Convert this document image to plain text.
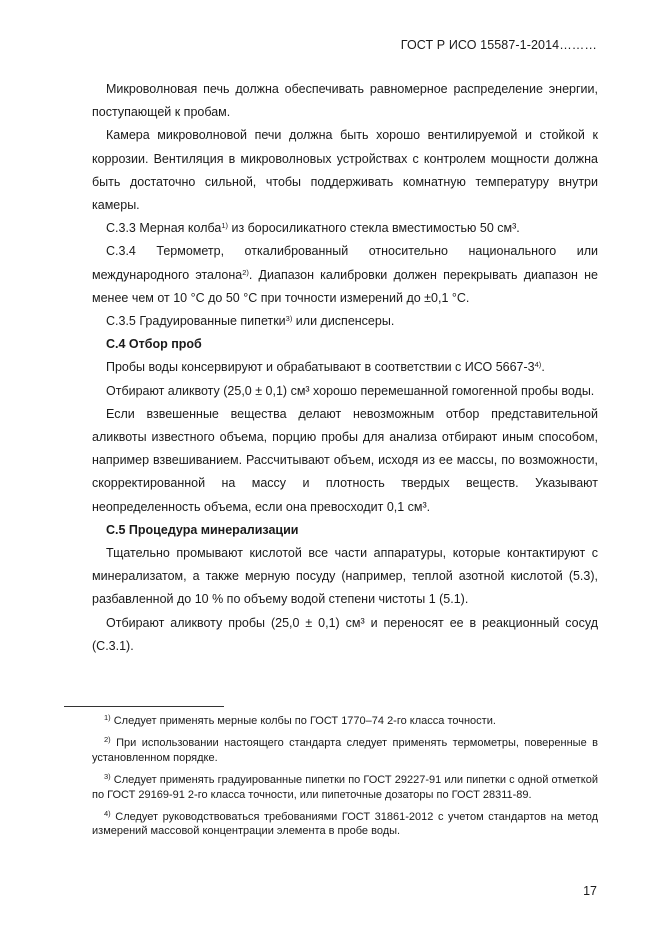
ГОСТ Р ИСО 15587-1-2014………

Микроволновая печь должна обеспечивать равномерное распределение энергии, поступающей к пробам.

Камера микроволновой печи должна быть хорошо вентилируемой и стойкой к коррозии. Вентиляция в микроволновых устройствах с контролем мощности должна быть достаточно сильной, чтобы поддерживать комнатную температуру внутри камеры.

С.3.3 Мерная колба$^{1)}$ из боросиликатного стекла вместимостью 50 см³.

С.3.4 Термометр, откалиброванный относительно национального или международного эталона$^{2)}$. Диапазон калибровки должен перекрывать диапазон не менее чем от 10 °С до 50 °С при точности измерений до ±0,1 °С.

С.3.5 Градуированные пипетки$^{3)}$ или диспенсеры.

С.4 Отбор проб

Пробы воды консервируют и обрабатывают в соответствии с ИСО 5667-3$^{4)}$.

Отбирают аликвоту (25,0 ± 0,1) см³ хорошо перемешанной гомогенной пробы воды.

Если взвешенные вещества делают невозможным отбор представительной аликвоты известного объема, порцию пробы для анализа отбирают иным способом, например взвешиванием. Рассчитывают объем, исходя из ее массы, по возможности, скорректированной на массу и плотность твердых веществ. Указывают неопределенность объема, если она превосходит 0,1 см³.

С.5 Процедура минерализации

Тщательно промывают кислотой все части аппаратуры, которые контактируют с минерализатом, а также мерную посуду (например, теплой азотной кислотой (5.3), разбавленной до 10 % по объему водой степени чистоты 1 (5.1).

Отбирают аликвоту пробы (25,0 ± 0,1) см³ и переносят ее в реакционный сосуд (С.3.1).

$^{1)}$ Следует применять мерные колбы по ГОСТ 1770–74 2-го класса точности.

$^{2)}$ При использовании настоящего стандарта следует применять термометры, поверенные в установленном порядке.

$^{3)}$ Следует применять градуированные пипетки по ГОСТ 29227-91 или пипетки с одной отметкой по ГОСТ 29169-91 2-го класса точности, или пипеточные дозаторы по ГОСТ 28311-89.

$^{4)}$ Следует руководствоваться требованиями ГОСТ 31861-2012 с учетом стандартов на метод измерений массовой концентрации элемента в пробе воды.

17
